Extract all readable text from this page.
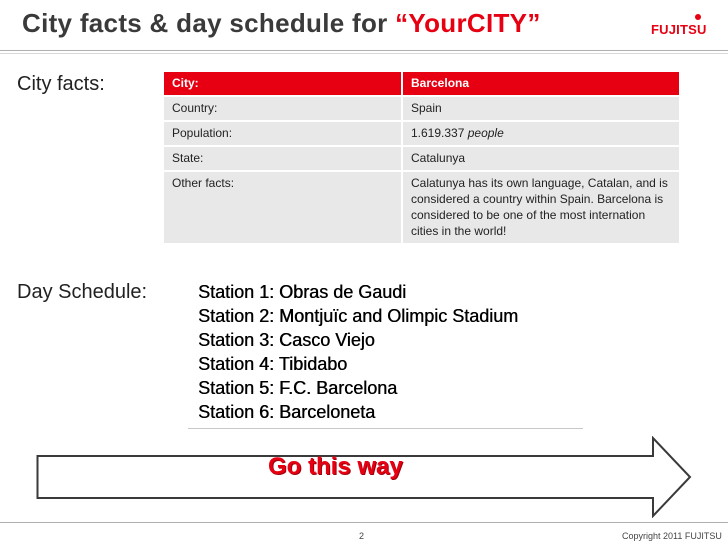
City facts & day schedule for “YourCITY”	FUJITSU
City facts:	City:	Barcelona
Country:	Spain
Population:	1.619.337 people
State:	Catalunya
Other facts:	Calatunya has its own language, Catalan, and is considered a country within Spain. Barcelona is considered to be one of the most internation cities in the world!
Day Schedule:	Station 1: Obras de Gaudi
Station 2: Montjuïc and Olimpic Stadium
Station 3: Casco Viejo
Station 4: Tibidabo
Station 5: F.C. Barcelona
Station 6: Barceloneta
Go this way
2	Copyright 2011 FUJITSU
